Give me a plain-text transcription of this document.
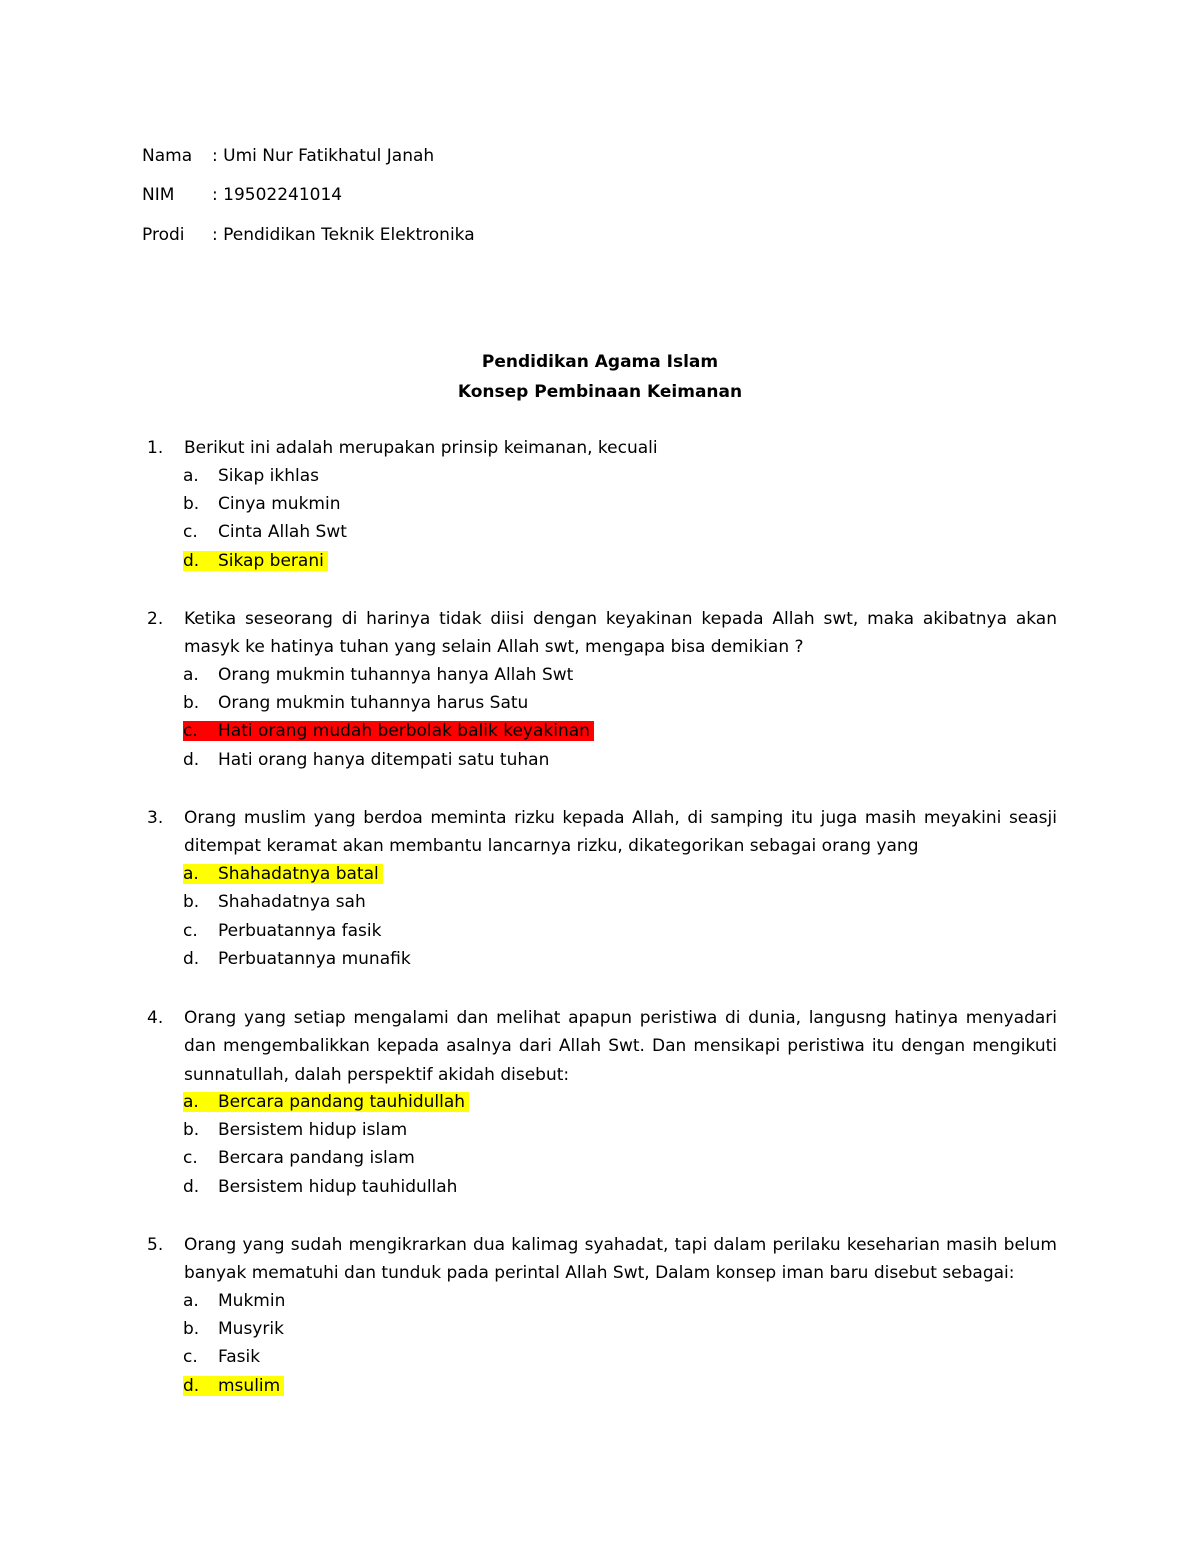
Nama : Umi Nur Fatikhatul Janah
NIM : 19502241014
Prodi : Pendidikan Teknik Elektronika
Pendidikan Agama Islam
Konsep Pembinaan Keimanan
1. Berikut ini adalah merupakan prinsip keimanan, kecuali
a. Sikap ikhlas
b. Cinya mukmin
c. Cinta Allah Swt
d. Sikap berani
2. Ketika seseorang di harinya tidak diisi dengan keyakinan kepada Allah swt, maka akibatnya akan masyk ke hatinya tuhan yang selain Allah swt, mengapa bisa demikian ?
a. Orang mukmin tuhannya hanya Allah Swt
b. Orang mukmin tuhannya harus Satu
c. Hati orang mudah berbolak balik keyakinan
d. Hati orang hanya ditempati satu tuhan
3. Orang muslim yang berdoa meminta rizku kepada Allah, di samping itu juga masih meyakini seasji ditempat keramat akan membantu lancarnya rizku, dikategorikan sebagai orang yang
a. Shahadatnya batal
b. Shahadatnya sah
c. Perbuatannya fasik
d. Perbuatannya munafik
4. Orang yang setiap mengalami dan melihat apapun peristiwa di dunia, langusng hatinya menyadari dan mengembalikkan kepada asalnya dari Allah Swt. Dan mensikapi peristiwa itu dengan mengikuti sunnatullah, dalah perspektif akidah disebut:
a. Bercara pandang tauhidullah
b. Bersistem hidup islam
c. Bercara pandang islam
d. Bersistem hidup tauhidullah
5. Orang yang sudah mengikrarkan dua kalimag syahadat, tapi dalam perilaku keseharian masih belum banyak mematuhi dan tunduk pada perintal Allah Swt, Dalam konsep iman baru disebut sebagai:
a. Mukmin
b. Musyrik
c. Fasik
d. msulim
